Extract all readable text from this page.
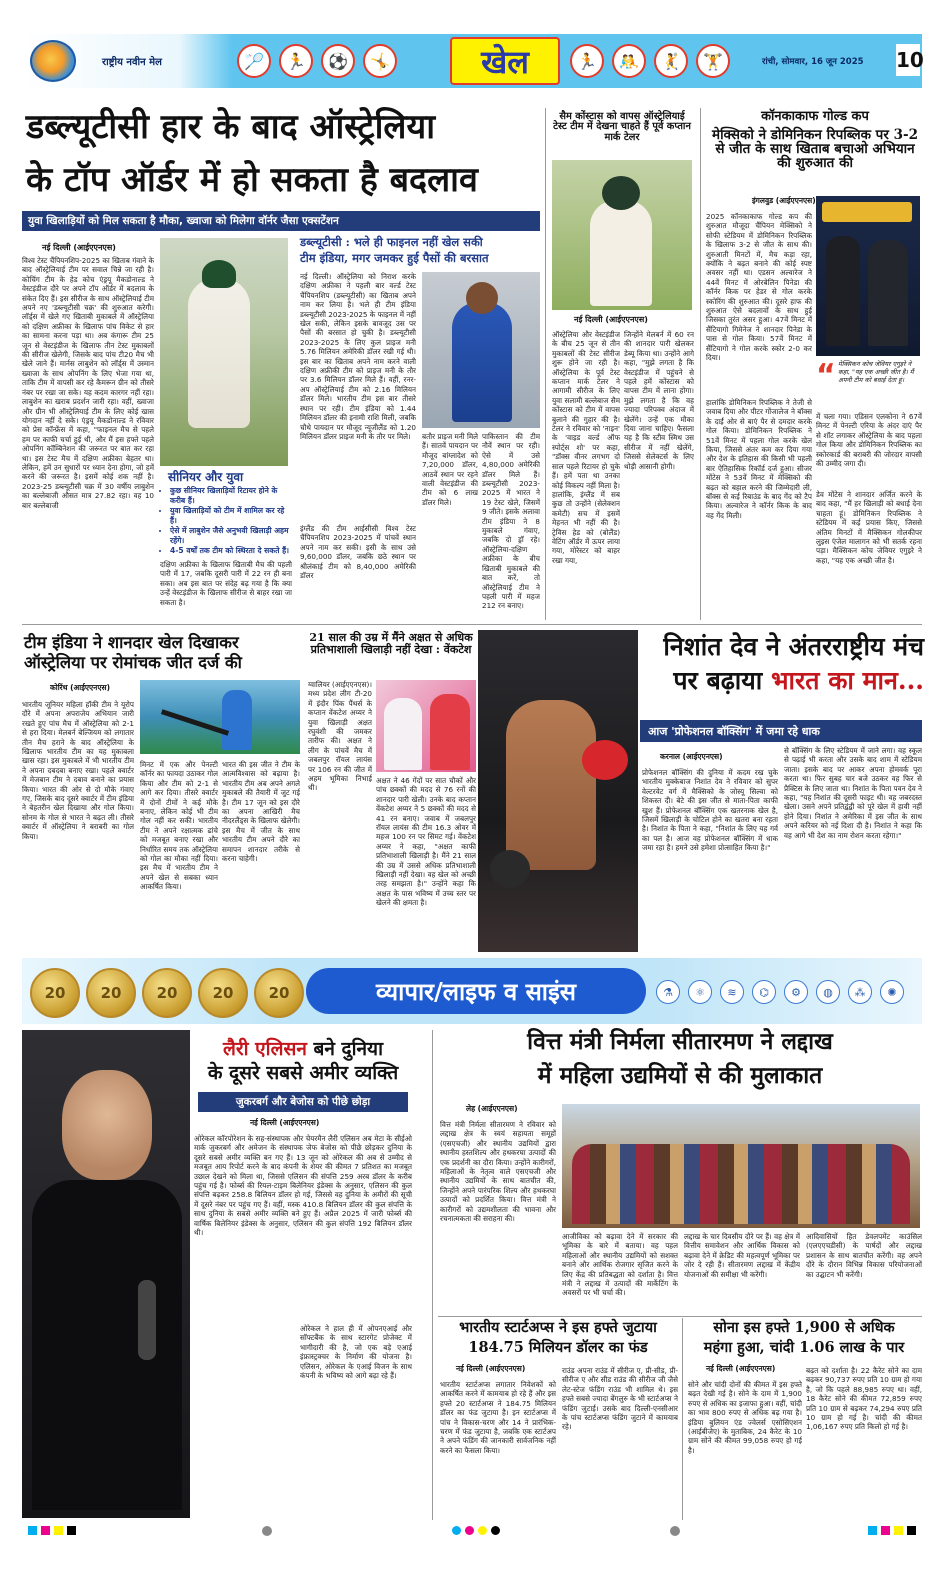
राष्ट्रीय नवीन मेल	🏸	🏃	⚽	🤸	खेल	🏃	🤼	🤾	🏋	रांची, सोमवार, 16 जून 2025 10
डब्ल्यूटीसी हार के बाद ऑस्ट्रेलिया
के टॉप ऑर्डर में हो सकता है बदलाव
युवा खिलाड़ियों को मिल सकता है मौका, ख्वाजा को मिलेगा वॉर्नर जैसा एक्सटेंशन
नई दिल्ली (आईएएनएस)
विश्व टेस्ट चैंपियनशिप-2025 का खिताब गंवाने के बाद ऑस्ट्रेलियाई टीम पर सवाल चिन्ने जा रही है। कोचिंग टीम के हेड कोच एंड्रयू मैकडोनाल्ड ने वेस्टइंडीज दौरे पर अपने टॉप ऑर्डर में बदलाव के संकेत दिए हैं। इस सीरीज के साथ ऑस्ट्रेलियाई टीम अपने नए 'डब्ल्यूटीसी चक्र' की शुरुआत करेगी। लॉर्ड्स में खेले गए खिताबी मुकाबले में ऑस्ट्रेलिया को दक्षिण अफ्रीका के खिलाफ पांच विकेट से हार का सामना करना पड़ा था। अब कंगारू टीम 25 जून से वेस्टइंडीज के खिलाफ तीन टेस्ट मुकाबलों की सीरीज खेलेगी, जिसके बाद पांच टी20 मैच भी खेले जाने हैं। मार्नस लाबुशेन को लॉर्ड्स में उस्मान ख्वाजा के साथ ओपनिंग के लिए भेजा गया था, ताकि टीम में वापसी कर रहे कैमरून ग्रीन को तीसरे नंबर पर रखा जा सके। यह कदम कारगर नहीं रहा। लाबुशेन का खराब प्रदर्शन जारी रहा। वहीं, ख्वाजा और ग्रीन भी ऑस्ट्रेलियाई टीम के लिए कोई खास योगदान नहीं दे सके। एंड्रयू मैकडोनाल्ड ने रविवार को प्रेस कॉन्फ्रेंस में कहा, "फाइनल मैच से पहले हम पर काफी चर्चा हुई थी, और मैं इस हफ्ते पहले ओपनिंग कॉम्बिनेशन की जरूरत पर बात कर रहा था। इस टेस्ट मैच में दक्षिण अफ्रीका बेहतर था। लेकिन, हमें उन सुधारों पर ध्यान देना होगा, जो हमें करने की जरूरत है। इसमें कोई शक नहीं है। 2023-25 डब्ल्यूटीसी चक्र में 30 वर्षीय लाबुशेन का बल्लेबाजी औसत मात्र 27.82 रहा। वह 10 बार बल्लेबाजी
सीनियर और युवा
• कुछ सीनियर खिलाड़ियों रिटायर होने के करीब हैं।
• युवा खिलाड़ियों को टीम में शामिल कर रहे हैं।
• ऐसे में लाबुशेन जैसे अनुभवी खिलाड़ी अहम रहेंगे।
• 4-5 वर्षों तक टीम को स्थिरता दे सकते हैं।
दक्षिण अफ्रीका के खिलाफ खिताबी मैच की पहली पारी में 17, जबकि दूसरी पारी में 22 रन ही बना सका। अब इस बात पर संदेह बढ़ गया है कि क्या उन्हें वेस्टइंडीज के खिलाफ सीरीज से बाहर रखा जा सकता है।
डब्ल्यूटीसी : भले ही फाइनल नहीं खेल सकी
टीम इंडिया, मगर जमकर हुई पैसों की बरसात
नई दिल्ली। ऑस्ट्रेलिया को निराश करके दक्षिण अफ्रीका ने पहली बार वर्ल्ड टेस्ट चैंपियनशिप (डब्ल्यूटीसी) का खिताब अपने नाम कर लिया है। भले ही टीम इंडिया डब्ल्यूटीसी 2023-2025 के फाइनल में नहीं खेल सकी, लेकिन इसके बावजूद उस पर पैसों की बरसात हो चुकी है। डब्ल्यूटीसी 2023-2025 के लिए कुल प्राइज मनी 5.76 मिलियन अमेरिकी डॉलर रखी गई थी। इस बार का खिताब अपने नाम करने वाली दक्षिण अफ्रीकी टीम को प्राइज मनी के तौर पर 3.6 मिलियन डॉलर मिले हैं। वहीं, रनर-अप ऑस्ट्रेलियाई टीम को 2.16 मिलियन डॉलर मिले। भारतीय टीम इस बार तीसरे स्थान पर रही। टीम इंडिया को 1.44 मिलियन डॉलर की इनामी राशि मिली, जबकि चौथे पायदान पर मौजूद न्यूजीलैंड को 1.20 मिलियन डॉलर प्राइज मनी के तौर पर मिले।
इंग्लैंड की टीम आईसीसी विश्व टेस्ट चैंपियनशिप 2023-2025 में पांचवें स्थान अपने नाम कर सकी। इसी के साथ उसे 9,60,000 डॉलर, जबकि छठे स्थान पर श्रीलंकाई टीम को 8,40,000 अमेरिकी डॉलर
बतौर प्राइज मनी मिले हैं। सातवें पायदान पर मौजूद बांग्लादेश को 7,20,000 डॉलर, आठवें स्थान पर रहने वाली वेस्टइंडीज की टीम को 6 लाख डॉलर मिले।
पाकिस्तान की टीम नौवें स्थान पर रही। ऐसे में उसे 4,80,000 अमेरिकी डॉलर मिले हैं। डब्ल्यूटीसी 2023-2025 में भारत ने 19 टेस्ट खेले, जिसमें 9 जीते। इसके अलावा टीम इंडिया ने 8 मुकाबले गंवाए, जबकि दो ड्रॉ रहे। ऑस्ट्रेलिया-दक्षिण अफ्रीका के बीच खिताबी मुकाबले की बात करें, तो ऑस्ट्रेलियाई टीम ने पहली पारी में महज 212 रन बनाए।
सैम कोंस्टास को वापस ऑस्ट्रेलियाई टेस्ट टीम में देखना चाहते हैं पूर्व कप्तान मार्क टेलर
नई दिल्ली (आईएएनएस)
ऑस्ट्रेलिया और वेस्टइंडीज के बीच 25 जून से तीन मुकाबलों की टेस्ट सीरीज शुरू होने जा रही है। ऑस्ट्रेलिया के पूर्व टेस्ट कप्तान मार्क टेलर ने आगामी सीरीज के लिए युवा सलामी बल्लेबाज सैम कोंस्टास को टीम में वापस बुलाने की गुहार की है। टेलर ने रविवार को 'नाइन' के 'वाइड वर्ल्ड ऑफ स्पोर्ट्स शो' पर कहा, "डॉक्स वीनर लगभग दो साल पहले रिटायर हो चुके हैं। हमें पता था उनका कोई विकल्प नहीं मिला है। हालांकि, इंग्लैंड में सब कुछ तो उन्होंने (सेलेक्शन कमेटी) सच में इसमें मेहनत भी नहीं की है। ट्रेविस हेड को (बोलैंड) वेटिंग ऑर्डर में ऊपर लाया गया, मोरेस्टर को बाहर रखा गया,
जिन्होंने मेलबर्न में 60 रन की शानदार पारी खेलकर डेब्यू किया था। उन्होंने आगे कहा, "मुझे लगता है कि वेस्टइंडीज में पहुंचने से पहले हमें कोंस्टास को वापस टीम में लाना होगा। मुझे लगता है कि वह ज्यादा परिपक्व अंदाज में खेलेंगे। उन्हें एक मौका दिया जाना चाहिए। फैसला यह है कि स्टीव स्मिथ उस सीरीज में नहीं खेलेंगे, जिससे सेलेक्टर्स के लिए थोड़ी आसानी होगी।
कॉनकाकाफ गोल्ड कप
मेक्सिको ने डोमिनिकन रिपब्लिक पर 3-2 से जीत के साथ खिताब बचाओ अभियान की शुरुआत की
इंगलवुड (आईएएनएस)
2025 कॉनकाकाफ गोल्ड कप की शुरुआत मौजूदा चैंपियन मेक्सिको ने सोफी स्टेडियम में डोमिनिकन रिपब्लिक के खिलाफ 3-2 से जीत के साथ की। शुरुआती मिनटों में, मैच कड़ा रहा, क्योंकि ने बढ़त बनाने की कोई स्पष्ट अवसर नहीं था। एडसन अल्वारेज ने 44वें मिनट में ओरबेलिन पिनेडा की कॉर्नर किक पर हेडर से गोल करके स्कोरिंग की शुरुआत की। दूसरे हाफ की शुरुआत ऐसे बदलावों के साथ हुई जिसका तुरंत असर हुआ। 47वें मिनट में सैंटियागो गिमेनेज ने शानदार पिनेडा के पास से गोल किया। 57वें मिनट में सैंटियागो ने गोल करके स्कोर 2-0 कर दिया।
हालांकि डोमिनिकन रिपब्लिक ने तेजी से जवाब दिया और पीटर गोंजालेज ने बॉक्स के दाईं ओर से बाएं पैर से दमदार करके गोल किया। डोमिनिकन रिपब्लिक ने 51वें मिनट में पहला गोल करके खेल किया, जिससे अंतर कम कर दिया गया और देश के इतिहास की किसी भी पहली बार ऐतिहासिक रिकॉर्ड दर्ज हुआ। सीजर मोंटेस ने 53वें मिनट में मेक्सिको की बढ़त को बहाल करने की जिम्मेदारी ली, बॉक्स से कई रिबाउंड के बाद गेंद को टैप किया। अल्वारेज ने कॉर्नर किक के बाद वह गेंद मिली।
“ मेक्सिकन कोच जेवियर एगुइरे ने कहा, "यह एक अच्छी जीत है। मैं अपनी टीम को बधाई देता हूं।
में चला गया। एडिसन एलकोना ने 67वें मिनट में पेनल्टी एरिया के अंदर दाएं पैर से शॉट लगाकर ऑस्ट्रेलिया के बाद पहला गोल किया और डोमिनिकन रिपब्लिक का स्कोरकार्ड की बराबरी की जोरदार वापसी की उम्मीद जगा दी।
डेव मोंटेस ने शानदार अर्जित करने के बाद कहा, "मैं हर खिलाड़ी को बधाई देना चाहता हूं। डोमिनिकन रिपब्लिक ने स्टेडियम में कई प्रयास किए, जिससे अंतिम मिनटों में मैक्सिकन गोलकीपर लुइस एंजेल मालागन को भी सतर्क रहना पड़ा। मैक्सिकन कोच जेवियर एगुइरे ने कहा, "यह एक अच्छी जीत है।
टीम इंडिया ने शानदार खेल दिखाकर
ऑस्ट्रेलिया पर रोमांचक जीत दर्ज की
कोरिंथ (आईएएनएस)
भारतीय जूनियर महिला हॉकी टीम ने यूरोप दौरे में अपना अपराजेय अभियान जारी रखते हुए पांच मैच में ऑस्ट्रेलिया को 2-1 से हरा दिया। मेलबर्न बेल्जियम को लगातार तीन मैच हराने के बाद ऑस्ट्रेलिया के खिलाफ भारतीय टीम का यह मुकाबला खास रहा। इस मुकाबले में भी भारतीय टीम ने अपना दबदबा बनाए रखा। पहले क्वार्टर में मेजबान टीम ने दबाव बनाने का प्रयास किया। भारत की ओर से दो मौके गंवाए गए, जिसके बाद दूसरे क्वार्टर में टीम इंडिया ने बेहतरीन खेल दिखाया और गोल किया। सोनम के गोल से भारत ने बढ़त ली। तीसरे क्वार्टर में ऑस्ट्रेलिया ने बराबरी का गोल किया।
मिनट में एक और पेनल्टी कॉर्नर का फायदा उठाकर गोल किया और टीम को 2-1 से आगे कर दिया। तीसरे क्वार्टर में दोनों टीमों ने कई मौके बनाए, लेकिन कोई भी टीम गोल नहीं कर सकी। भारतीय टीम ने अपने रक्षात्मक ढांचे को मजबूत बनाए रखा और निर्धारित समय तक ऑस्ट्रेलिया को गोल का मौका नहीं दिया। इस मैच में भारतीय टीम ने अपने खेल से सबका ध्यान आकर्षित किया।
भारत की इस जीत ने टीम के आत्मविश्वास को बढ़ाया है। भारतीय टीम अब अपने अगले मुकाबले की तैयारी में जुट गई है। टीम 17 जून को इस दौरे का अपना आखिरी मैच नीदरलैंड्स के खिलाफ खेलेगी। इस मैच में जीत के साथ भारतीय टीम अपने दौरे का समापन शानदार तरीके से करना चाहेगी।
21 साल की उम्र में मैंने अक्षत से अधिक प्रतिभाशाली खिलाड़ी नहीं देखा : वेंकटेश
ग्वालियर (आईएएनएस)। मध्य प्रदेश लीग टी-20 में इंदौर पिंक पैंथर्स के कप्तान वेंकटेश अय्यर ने युवा खिलाड़ी अक्षत रघुवंशी की जमकर तारीफ की। अक्षत ने लीग के पांचवें मैच में जबलपुर रॉयल लायंस पर 106 रन की जीत में अहम भूमिका निभाई थी।
अक्षत ने 46 गेंदों पर सात चौकों और पांच छक्कों की मदद से 76 रनों की शानदार पारी खेली। उनके बाद कप्तान वेंकटेश अय्यर ने 5 छक्कों की मदद से 41 रन बनाए। जवाब में जबलपुर रॉयल लायंस की टीम 16.3 ओवर में महज 100 रन पर सिमट गई। वेंकटेश अय्यर ने कहा, "अक्षत काफी प्रतिभाशाली खिलाड़ी है। मैंने 21 साल की उम्र में उससे अधिक प्रतिभाशाली खिलाड़ी नहीं देखा। वह खेल को अच्छी तरह समझता है।" उन्होंने कहा कि अक्षत के पास भविष्य में उच्च स्तर पर खेलने की क्षमता है।
निशांत देव ने अंतरराष्ट्रीय मंच
पर बढ़ाया भारत का मान...
आज 'प्रोफेशनल बॉक्सिंग' में जमा रहे धाक
करनाल (आईएएनएस)
प्रोफेशनल बॉक्सिंग की दुनिया में कदम रख चुके भारतीय मुक्केबाज निशांत देव ने रविवार को सुपर वेल्टरवेट वर्ग में मैक्सिको के जोस्यू सिल्वा को शिकस्त दी। बेटे की इस जीत से माता-पिता काफी खुश हैं। प्रोफेशनल बॉक्सिंग एक खतरनाक खेल है, जिसमें खिलाड़ी के चोटिल होने का खतरा बना रहता है। निशांत के पिता ने कहा, "निशांत के लिए यह गर्व का पल है। आज वह प्रोफेशनल बॉक्सिंग में धाक जमा रहा है। हमने उसे हमेशा प्रोत्साहित किया है।"
से बॉक्सिंग के लिए स्टेडियम में जाने लगा। वह स्कूल से पढ़ाई भी करता और उसके बाद शाम में स्टेडियम जाता। इसके बाद पर आकर अपना होमवर्क पूरा करता था। फिर सुबह चार बजे उठकर वह फिर से प्रैक्टिस के लिए जाता था। निशांत के पिता पवन देव ने कहा, "यह निशांत की दूसरी फाइट थी। वह जबरदस्त खेला। उसने अपने प्रतिद्वंद्वी को पूरे खेल में हावी नहीं होने दिया। निशांत ने अमेरिका में इस जीत के साथ अपने करियर को नई दिशा दी है। निशांत ने कहा कि वह आगे भी देश का नाम रोशन करता रहेगा।"
20	20	20	20	20	व्यापार/लाइफ व साइंस	⚗	⚛	≋	⌬	⚙	◍	⁂	✺
लैरी एलिसन बने दुनिया
के दूसरे सबसे अमीर व्यक्ति
जुकरबर्ग और बेजोस को पीछे छोड़ा
नई दिल्ली (आईएएनएस)
ओरेकल कॉरपोरेशन के सह-संस्थापक और चेयरमैन लैरी एलिसन अब मेटा के सीईओ मार्क जुकरबर्ग और अमेजन के संस्थापक जेफ बेजोस को पीछे छोड़कर दुनिया के दूसरे सबसे अमीर व्यक्ति बन गए हैं। 13 जून को ओरेकल की अब से उम्मीद से मजबूत आय रिपोर्ट करने के बाद कंपनी के शेयर की कीमत 7 प्रतिशत का मजबूत उछाल देखने को मिला था, जिससे एलिसन की संपत्ति 259 अरब डॉलर के करीब पहुंच गई है। फोर्ब्स की रियल-टाइम बिलेनियर इंडेक्स के अनुसार, एलिसन की कुल संपत्ति बढ़कर 258.8 बिलियन डॉलर हो गई, जिससे वह दुनिया के अमीरों की सूची में दूसरे नंबर पर पहुंच गए हैं। वहीं, मस्क 410.8 बिलियन डॉलर की कुल संपत्ति के साथ दुनिया के सबसे अमीर व्यक्ति बने हुए हैं। अप्रैल 2025 में जारी फोर्ब्स की वार्षिक बिलेनियर इंडेक्स के अनुसार, एलिसन की कुल संपत्ति 192 बिलियन डॉलर थी।
ओरेकल ने हाल ही में ओपनएआई और सॉफ्टबैंक के साथ स्टारगेट प्रोजेक्ट में भागीदारी की है, जो एक बड़े एआई इंफ्रास्ट्रक्चर के निर्माण की योजना है। एलिसन, ओरेकल के एआई विजन के साथ कंपनी के भविष्य को आगे बढ़ा रहे हैं।
वित्त मंत्री निर्मला सीतारमण ने लद्दाख
में महिला उद्यमियों से की मुलाकात
लेह (आईएएनएस)
वित्त मंत्री निर्मला सीतारमण ने रविवार को लद्दाख क्षेत्र के स्वयं सहायता समूहों (एसएचजी) और स्थानीय उद्यमियों द्वारा स्थानीय हस्तशिल्प और हथकरघा उत्पादों की एक प्रदर्शनी का दौरा किया। उन्होंने कारीगरों, महिलाओं के नेतृत्व वाले एसएचजी और स्थानीय उद्यमियों के साथ बातचीत की, जिन्होंने अपने पारंपरिक शिल्प और हथकरघा उत्पादों को प्रदर्शित किया। वित्त मंत्री ने कारीगरों को उद्यमशीलता की भावना और रचनात्मकता की सराहना की।
आजीविका को बढ़ावा देने में सरकार की भूमिका के बारे में बताया। वह पहल महिलाओं और स्थानीय उद्यमियों को सशक्त बनाने और आर्थिक रोजगार सृजित करने के लिए केंद्र की प्रतिबद्धता को दर्शाता है। वित्त मंत्री ने लद्दाख में उत्पादों की मार्केटिंग के अवसरों पर भी चर्चा की।
लद्दाख के चार दिवसीय दौरे पर हैं। वह क्षेत्र में वित्तीय समावेशन और आर्थिक विकास को बढ़ावा देने में क्रेडिट की महत्वपूर्ण भूमिका पर जोर दे रही हैं। सीतारमण लद्दाख में केंद्रीय योजनाओं की समीक्षा भी करेंगी।
आदिवासियों हित डेवलपमेंट काउंसिल (एलएएचडीसी) के पार्षदों और लद्दाख प्रशासन के साथ बातचीत करेंगी। वह अपने दौरे के दौरान विभिन्न विकास परियोजनाओं का उद्घाटन भी करेंगी।
भारतीय स्टार्टअप्स ने इस हफ्ते जुटाया
184.75 मिलियन डॉलर का फंड
नई दिल्ली (आईएएनएस)
भारतीय स्टार्टअप्स लगातार निवेशकों को आकर्षित करने में कामयाब हो रहे हैं और इस हफ्ते 20 स्टार्टअप्स ने 184.75 मिलियन डॉलर का फंड जुटाया है। इन स्टार्टअप्स में पांच ने विकास-चरण और 14 ने प्रारंभिक-चरण में फंड जुटाया है, जबकि एक स्टार्टअप ने अपने फंडिंग की जानकारी सार्वजनिक नहीं करने का फैसला किया।
राउंड अपना राउंड में सीरीज ए, प्री-सीड, प्री-सीरीज ए और सीड राउंड की सीरीज जी जैसे लेट-स्टेज फंडिंग राउंड भी शामिल थे। इस हफ्ते सबसे ज्यादा बेंगलुरु के भी स्टार्टअप्स ने फंडिंग जुटाई। उसके बाद दिल्ली-एनसीआर के पांच स्टार्टअप्स फंडिंग जुटाने में कामयाब रहे।
सोना इस हफ्ते 1,900 से अधिक
महंगा हुआ, चांदी 1.06 लाख के पार
नई दिल्ली (आईएएनएस)
सोने और चांदी दोनों की कीमत में इस हफ्ते बढ़त देखी गई है। सोने के दाम में 1,900 रुपए से अधिक का इजाफा हुआ। वहीं, चांदी का भाव 800 रुपए से अधिक बढ़ गया है। इंडिया बुलियन एंड ज्वेलर्स एसोसिएशन (आईबीजेए) के मुताबिक, 24 कैरेट के 10 ग्राम सोने की कीमत 99,058 रुपए हो गई है।
बढ़त को दर्शाता है। 22 कैरेट सोने का दाम बढ़कर 90,737 रुपए प्रति 10 ग्राम हो गया है, जो कि पहले 88,985 रुपए था। वहीं, 18 कैरेट सोने की कीमत 72,859 रुपए प्रति 10 ग्राम से बढ़कर 74,294 रुपए प्रति 10 ग्राम हो गई है। चांदी की कीमत 1,06,167 रुपए प्रति किलो हो गई है।
